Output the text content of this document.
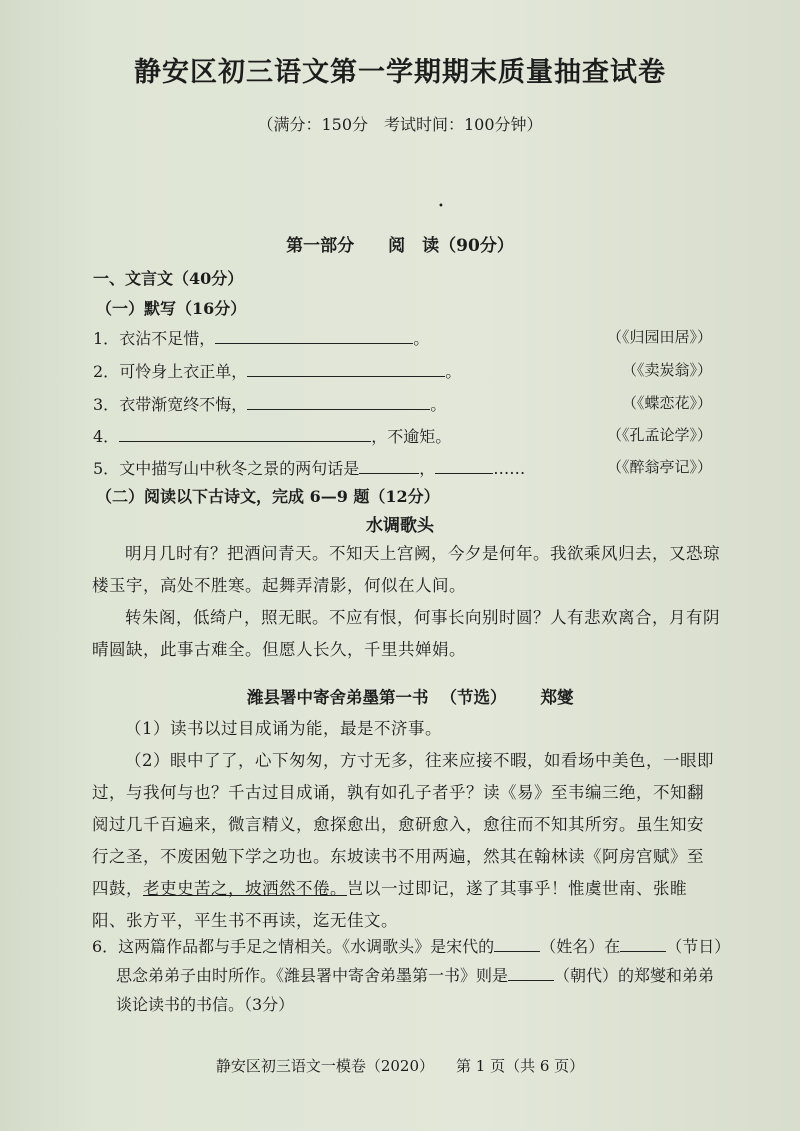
静安区初三语文第一学期期末质量抽查试卷
（满分：150分　考试时间：100分钟）
•
第一部分　　阅　读（90分）
一、文言文（40分）
（一）默写（16分）
1．衣沾不足惜，	。	（《归园田居》）
2．可怜身上衣正单，	。	（《卖炭翁》）
3．衣带渐宽终不悔，	。	（《蝶恋花》）
4．	，不逾矩。	（《孔孟论学》）
5．文中描写山中秋冬之景的两句话是	，	……	（《醉翁亭记》）
（二）阅读以下古诗文，完成 6—9 题（12分）
水调歌头
明月几时有？把酒问青天。不知天上宫阙，今夕是何年。我欲乘风归去，又恐琼楼玉宇，高处不胜寒。起舞弄清影，何似在人间。
转朱阁，低绮户，照无眠。不应有恨，何事长向别时圆？人有悲欢离合，月有阴晴圆缺，此事古难全。但愿人长久，千里共婵娟。
潍县署中寄舍弟墨第一书 （节选） 郑燮
（1）读书以过目成诵为能，最是不济事。
（2）眼中了了，心下匆匆，方寸无多，往来应接不暇，如看场中美色，一眼即过，与我何与也？千古过目成诵，孰有如孔子者乎？读《易》至韦编三绝，不知翻阅过几千百遍来，微言精义，愈探愈出，愈研愈入，愈往而不知其所穷。虽生知安行之圣，不废困勉下学之功也。东坡读书不用两遍，然其在翰林读《阿房宫赋》至四鼓，老吏史苦之，坡洒然不倦。岂以一过即记，遂了其事乎！惟虞世南、张睢阳、张方平，平生书不再读，迄无佳文。
6．这两篇作品都与手足之情相关。《水调歌头》是宋代的	（姓名）在	（节日）
思念弟弟子由时所作。《潍县署中寄舍弟墨第一书》则是	（朝代）的郑燮和弟弟
谈论读书的书信。（3分）
静安区初三语文一模卷（2020） 第 1 页（共 6 页）
